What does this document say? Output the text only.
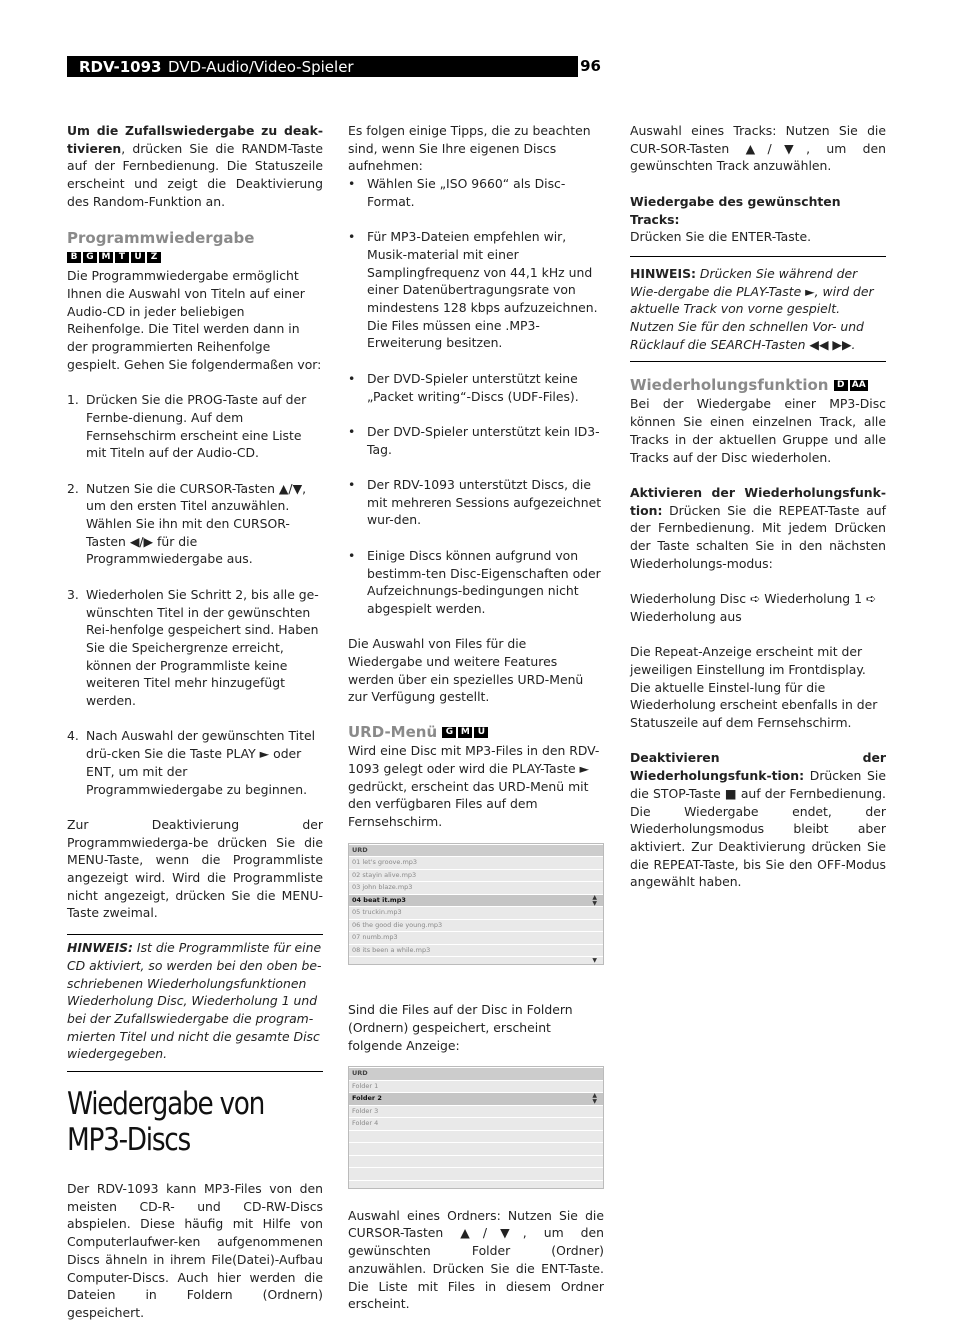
RDV-1093 DVD-Audio/Video-Spieler	96

Um die Zufallswiedergabe zu deak-tivieren, drücken Sie die RANDM-Taste auf der Fernbedienung. Die Statuszeile erscheint und zeigt die Deaktivierung des Random-Funktion an.

Programmwiedergabe
B G M T U Z

Die Programmwiedergabe ermöglicht Ihnen die Auswahl von Titeln auf einer Audio-CD in jeder beliebigen Reihenfolge. Die Titel werden dann in der programmierten Reihenfolge gespielt. Gehen Sie folgendermaßen vor:

1. Drücken Sie die PROG-Taste auf der Fernbe-dienung. Auf dem Fernsehschirm erscheint eine Liste mit Titeln auf der Audio-CD.
2. Nutzen Sie die CURSOR-Tasten ▲/▼, um den ersten Titel anzuwählen. Wählen Sie ihn mit den CURSOR-Tasten ◀/▶ für die Programmwiedergabe aus.
3. Wiederholen Sie Schritt 2, bis alle ge-wünschten Titel in der gewünschten Rei-henfolge gespeichert sind. Haben Sie die Speichergrenze erreicht, können der Programmliste keine weiteren Titel mehr hinzugefügt werden.
4. Nach Auswahl der gewünschten Titel drü-cken Sie die Taste PLAY ► oder ENT, um mit der Programmwiedergabe zu beginnen.

Zur Deaktivierung der Programmwiederga-be drücken Sie die MENU-Taste, wenn die Programmliste angezeigt wird. Wird die Programmliste nicht angezeigt, drücken Sie die MENU-Taste zweimal.

HINWEIS: Ist die Programmliste für eine CD aktiviert, so werden bei den oben be-schriebenen Wiederholungsfunktionen Wiederholung Disc, Wiederholung 1 und bei der Zufallswiedergabe die program-mierten Titel und nicht die gesamte Disc wiedergegeben.
Wiedergabe von
MP3-Discs

Der RDV-1093 kann MP3-Files von den meisten CD-R- und CD-RW-Discs abspielen. Diese häufig mit Hilfe von Computerlaufwer-ken aufgenommenen Discs ähneln in ihrem File(Datei)-Aufbau Computer-Discs. Auch hier werden die Dateien in Foldern (Ordnern) gespeichert.

Es folgen einige Tipps, die zu beachten sind, wenn Sie Ihre eigenen Discs aufnehmen:

• Wählen Sie „ISO 9660“ als Disc-Format.
• Für MP3-Dateien empfehlen wir, Musik-material mit einer Samplingfrequenz von 44,1 kHz und einer Datenübertragungsrate von mindestens 128 kbps aufzuzeichnen. Die Files müssen eine .MP3-Erweiterung besitzen.
• Der DVD-Spieler unterstützt keine „Packet writing“-Discs (UDF-Files).
• Der DVD-Spieler unterstützt kein ID3-Tag.
• Der RDV-1093 unterstützt Discs, die mit mehreren Sessions aufgezeichnet wur-den.
• Einige Discs können aufgrund von bestimm-ten Disc-Eigenschaften oder Aufzeichnungs-bedingungen nicht abgespielt werden.

Die Auswahl von Files für die Wiedergabe und weitere Features werden über ein spezielles URD-Menü zur Verfügung gestellt.

URD-Menü G M U

Wird eine Disc mit MP3-Files in den RDV-1093 gelegt oder wird die PLAY-Taste ► gedrückt, erscheint das URD-Menü mit den verfügbaren Files auf dem Fernsehschirm.

URD
01 let's groove.mp3
02 stayin alive.mp3
03 john blaze.mp3
04 beat it.mp3	▲
▼
05 truckin.mp3
06 the good die young.mp3
07 numb.mp3
08 its been a while.mp3
▼

Sind die Files auf der Disc in Foldern (Ordnern) gespeichert, erscheint folgende Anzeige:

URD
Folder 1
Folder 2	▲
▼
Folder 3
Folder 4

Auswahl eines Ordners: Nutzen Sie die CURSOR-Tasten ▲/▼, um den gewünschten Folder (Ordner) anzuwählen. Drücken Sie die ENT-Taste. Die Liste mit Files in diesem Ordner erscheint.

Auswahl eines Tracks: Nutzen Sie die CUR-SOR-Tasten ▲/▼, um den gewünschten Track anzuwählen.

Wiedergabe des gewünschten Tracks:

Drücken Sie die ENTER-Taste.

HINWEIS: Drücken Sie während der Wie-dergabe die PLAY-Taste ►, wird der aktuelle Track von vorne gespielt. Nutzen Sie für den schnellen Vor- und Rücklauf die SEARCH-Tasten ◀◀ ▶▶.
Wiederholungsfunktion D AA

Bei der Wiedergabe einer MP3-Disc können Sie einen einzelnen Track, alle Tracks in der aktuellen Gruppe und alle Tracks auf der Disc wiederholen.

Aktivieren der Wiederholungsfunk-tion: Drücken Sie die REPEAT-Taste auf der Fernbedienung. Mit jedem Drücken der Taste schalten Sie in den nächsten Wiederholungs-modus:

Wiederholung Disc ➪ Wiederholung 1 ➪ Wiederholung aus

Die Repeat-Anzeige erscheint mit der jeweiligen Einstellung im Frontdisplay. Die aktuelle Einstel-lung für die Wiederholung erscheint ebenfalls in der Statuszeile auf dem Fernsehschirm.

Deaktivieren der Wiederholungsfunk-tion: Drücken Sie die STOP-Taste ■ auf der Fernbedienung. Die Wiedergabe endet, der Wiederholungsmodus bleibt aber aktiviert. Zur Deaktivierung drücken Sie die REPEAT-Taste, bis Sie den OFF-Modus angewählt haben.
